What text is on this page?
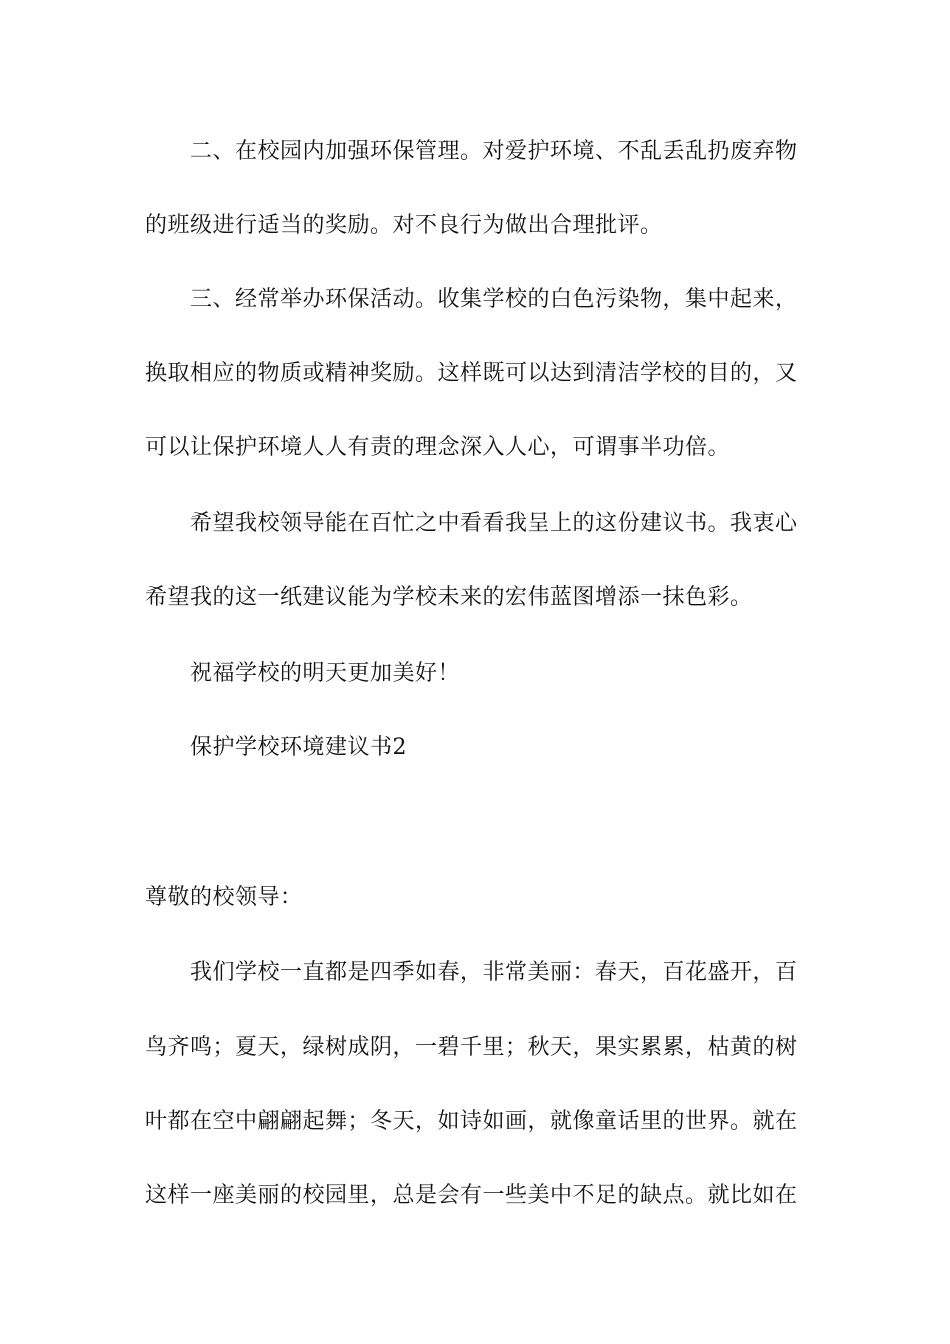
二、在校园内加强环保管理。对爱护环境、不乱丢乱扔废弃物
的班级进行适当的奖励。对不良行为做出合理批评。
三、经常举办环保活动。收集学校的白色污染物，集中起来，
换取相应的物质或精神奖励。这样既可以达到清洁学校的目的，又
可以让保护环境人人有责的理念深入人心，可谓事半功倍。
希望我校领导能在百忙之中看看我呈上的这份建议书。我衷心
希望我的这一纸建议能为学校未来的宏伟蓝图增添一抹色彩。
祝福学校的明天更加美好！
保护学校环境建议书2
尊敬的校领导：
我们学校一直都是四季如春，非常美丽：春天，百花盛开，百
鸟齐鸣；夏天，绿树成阴，一碧千里；秋天，果实累累，枯黄的树
叶都在空中翩翩起舞；冬天，如诗如画，就像童话里的世界。就在
这样一座美丽的校园里，总是会有一些美中不足的缺点。就比如在
